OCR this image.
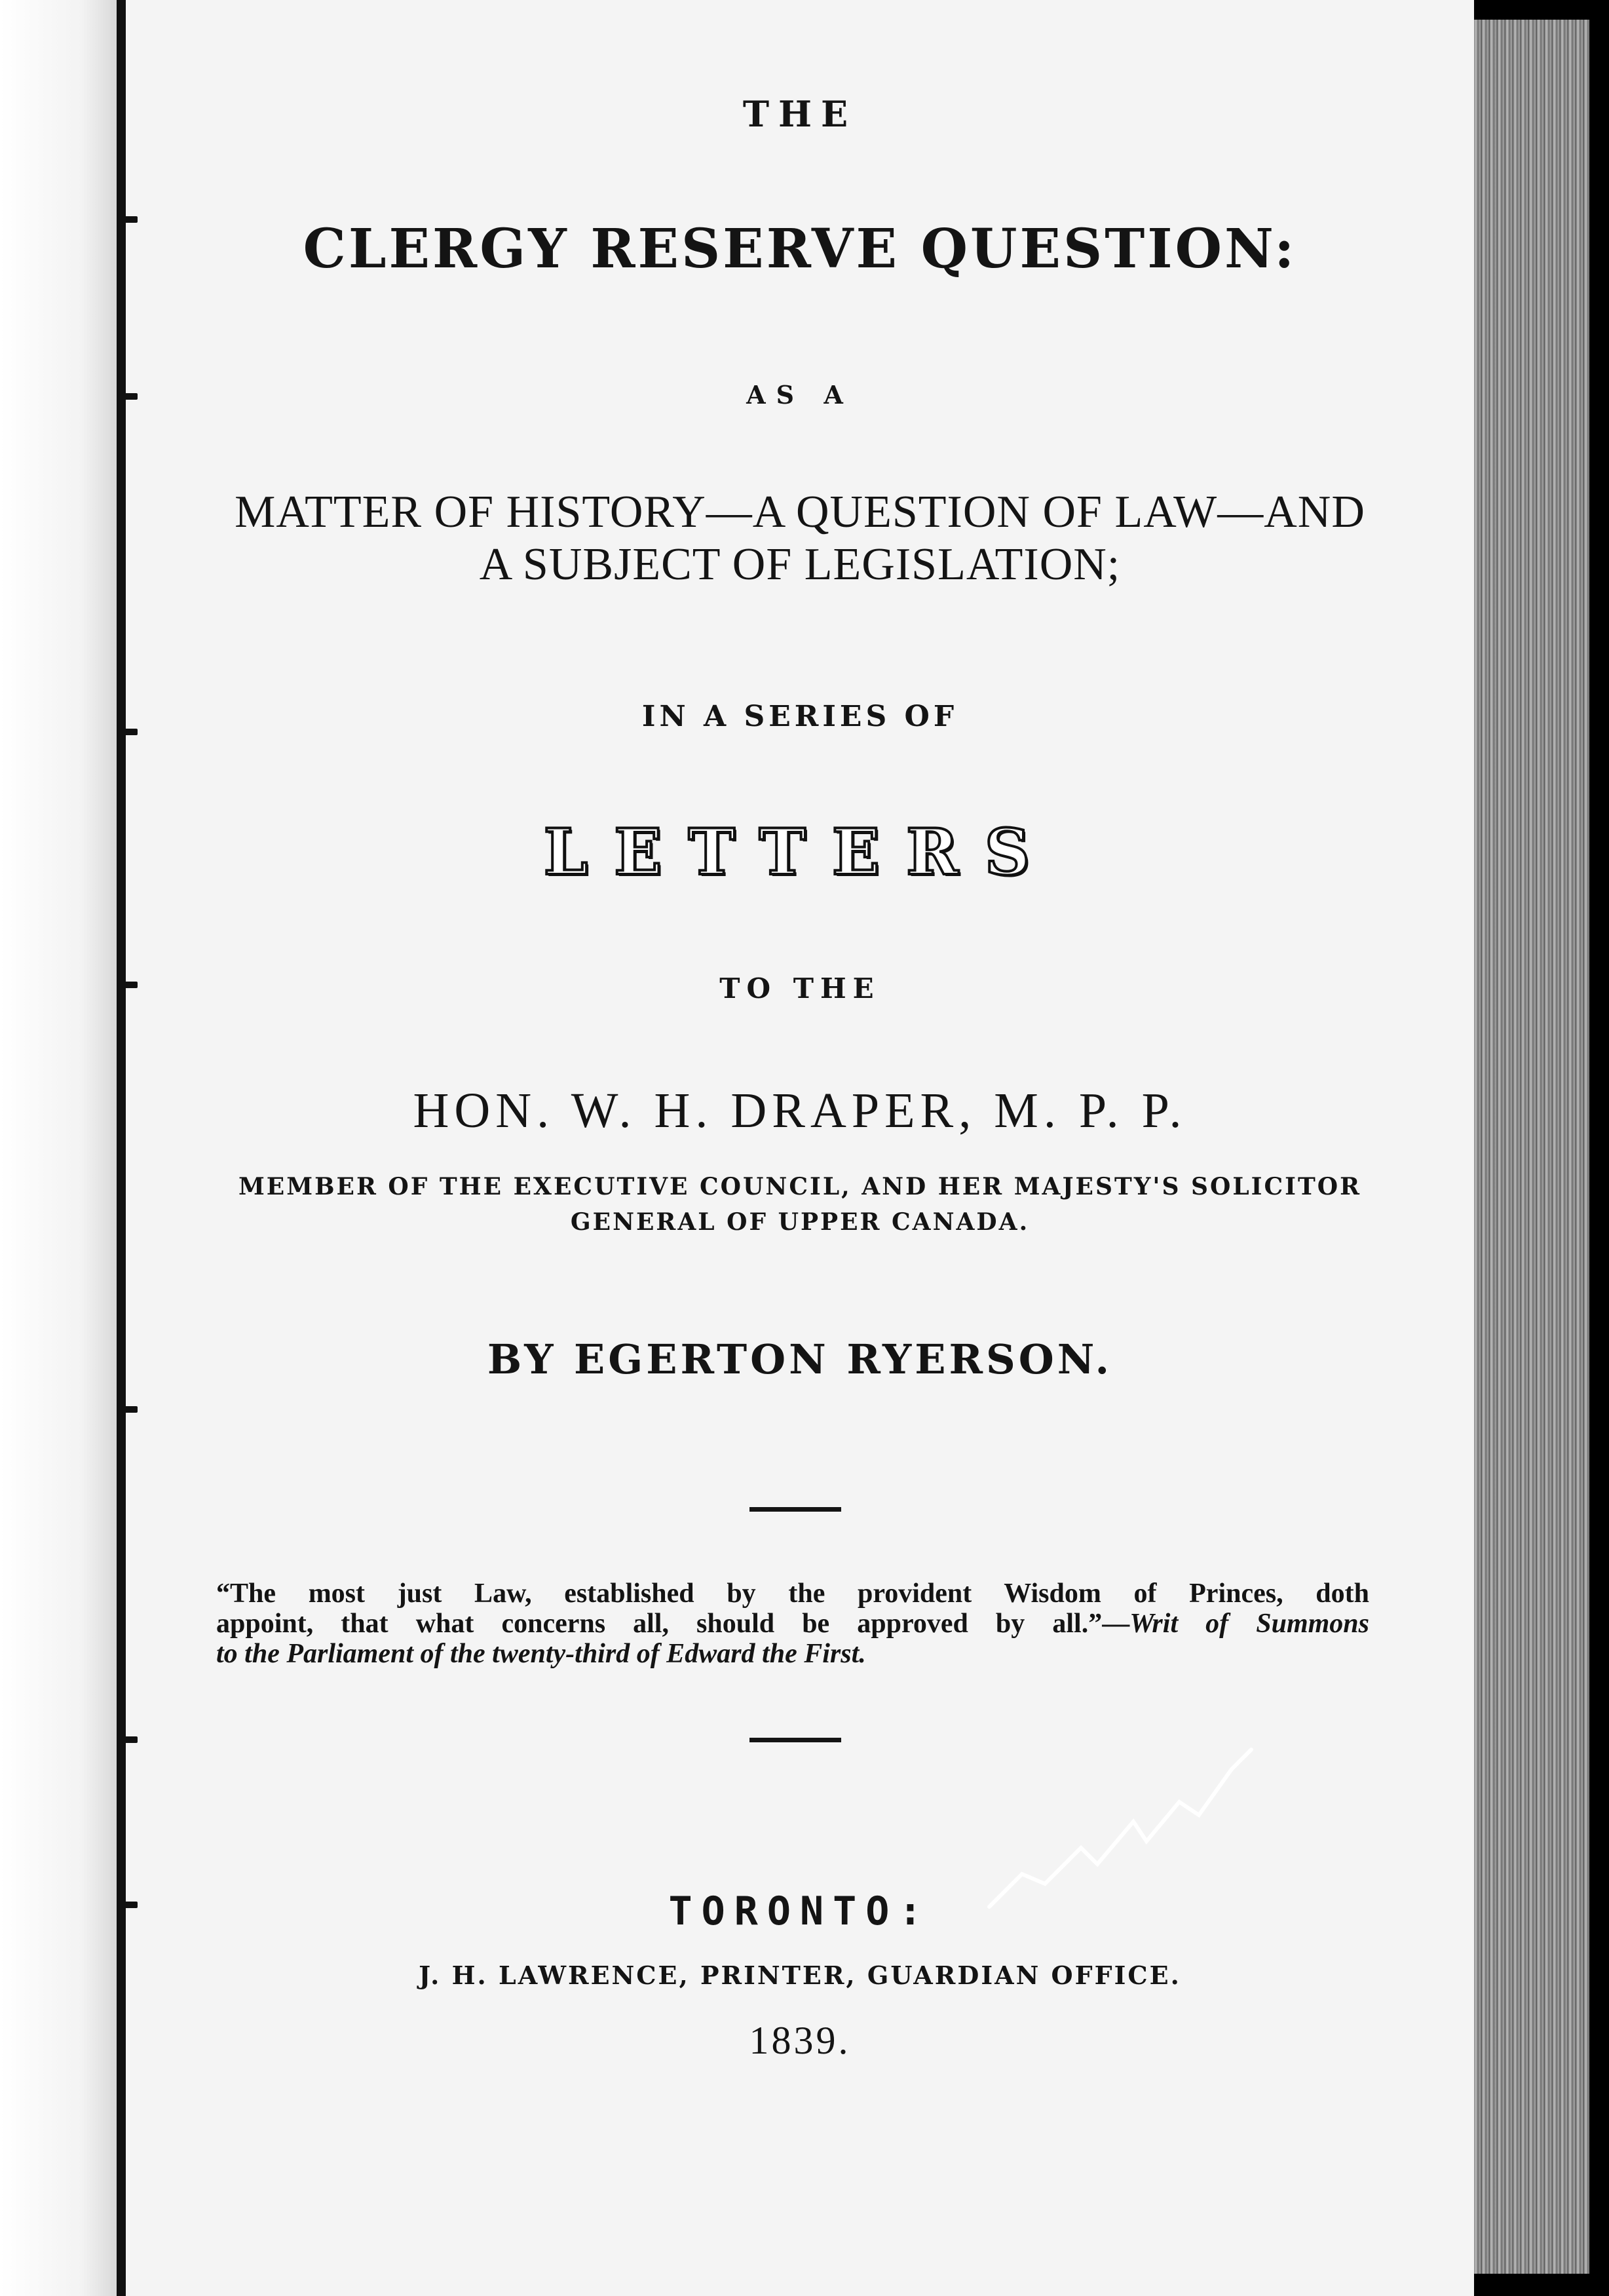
THE
CLERGY RESERVE QUESTION:
AS A
MATTER OF HISTORY—A QUESTION OF LAW—AND
A SUBJECT OF LEGISLATION;
IN A SERIES OF
LETTERS
TO THE
HON. W. H. DRAPER, M. P. P.
MEMBER OF THE EXECUTIVE COUNCIL, AND HER MAJESTY'S SOLICITOR
GENERAL OF UPPER CANADA.
BY EGERTON RYERSON.
“The most just Law, established by the provident Wisdom of Princes, doth
appoint, that what concerns all, should be approved by all.”—Writ of Summons
to the Parliament of the twenty-third of Edward the First.
TORONTO:
J. H. LAWRENCE, PRINTER, GUARDIAN OFFICE.
1839.
